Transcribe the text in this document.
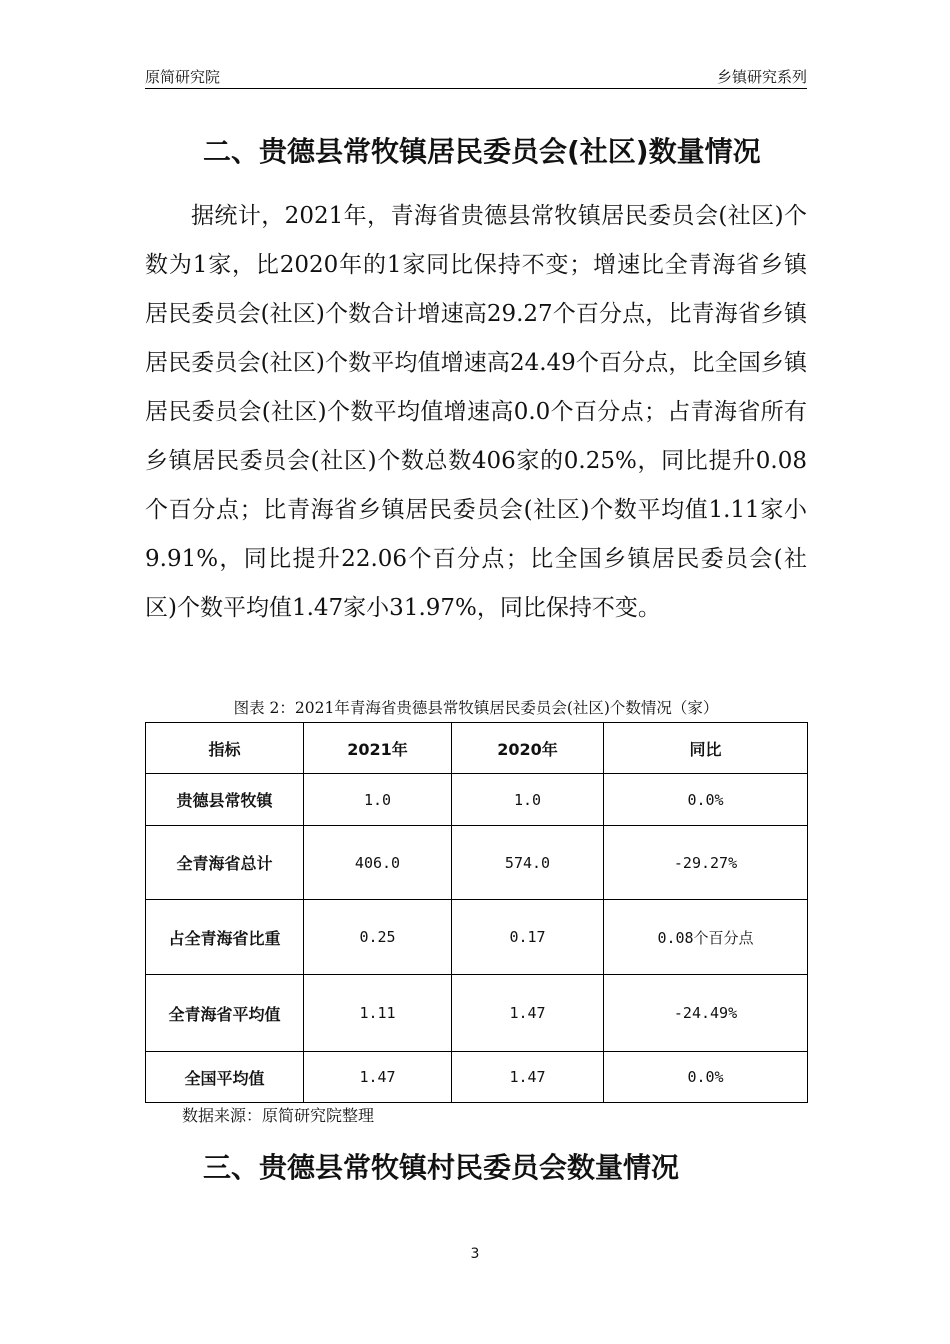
原简研究院	乡镇研究系列
二、贵德县常牧镇居民委员会(社区)数量情况

据统计，2021年，青海省贵德县常牧镇居民委员会(社区)个数为1家，比2020年的1家同比保持不变；增速比全青海省乡镇居民委员会(社区)个数合计增速高29.27个百分点，比青海省乡镇居民委员会(社区)个数平均值增速高24.49个百分点，比全国乡镇居民委员会(社区)个数平均值增速高0.0个百分点；占青海省所有乡镇居民委员会(社区)个数总数406家的0.25%，同比提升0.08个百分点；比青海省乡镇居民委员会(社区)个数平均值1.11家小9.91%，同比提升22.06个百分点；比全国乡镇居民委员会(社区)个数平均值1.47家小31.97%，同比保持不变。

图表 2：2021年青海省贵德县常牧镇居民委员会(社区)个数情况（家）
指标	2021年	2020年	同比
贵德县常牧镇	1.0	1.0	0.0%
全青海省总计	406.0	574.0	-29.27%
占全青海省比重	0.25	0.17	0.08个百分点
全青海省平均值	1.11	1.47	-24.49%
全国平均值	1.47	1.47	0.0%
数据来源：原简研究院整理
三、贵德县常牧镇村民委员会数量情况
3
